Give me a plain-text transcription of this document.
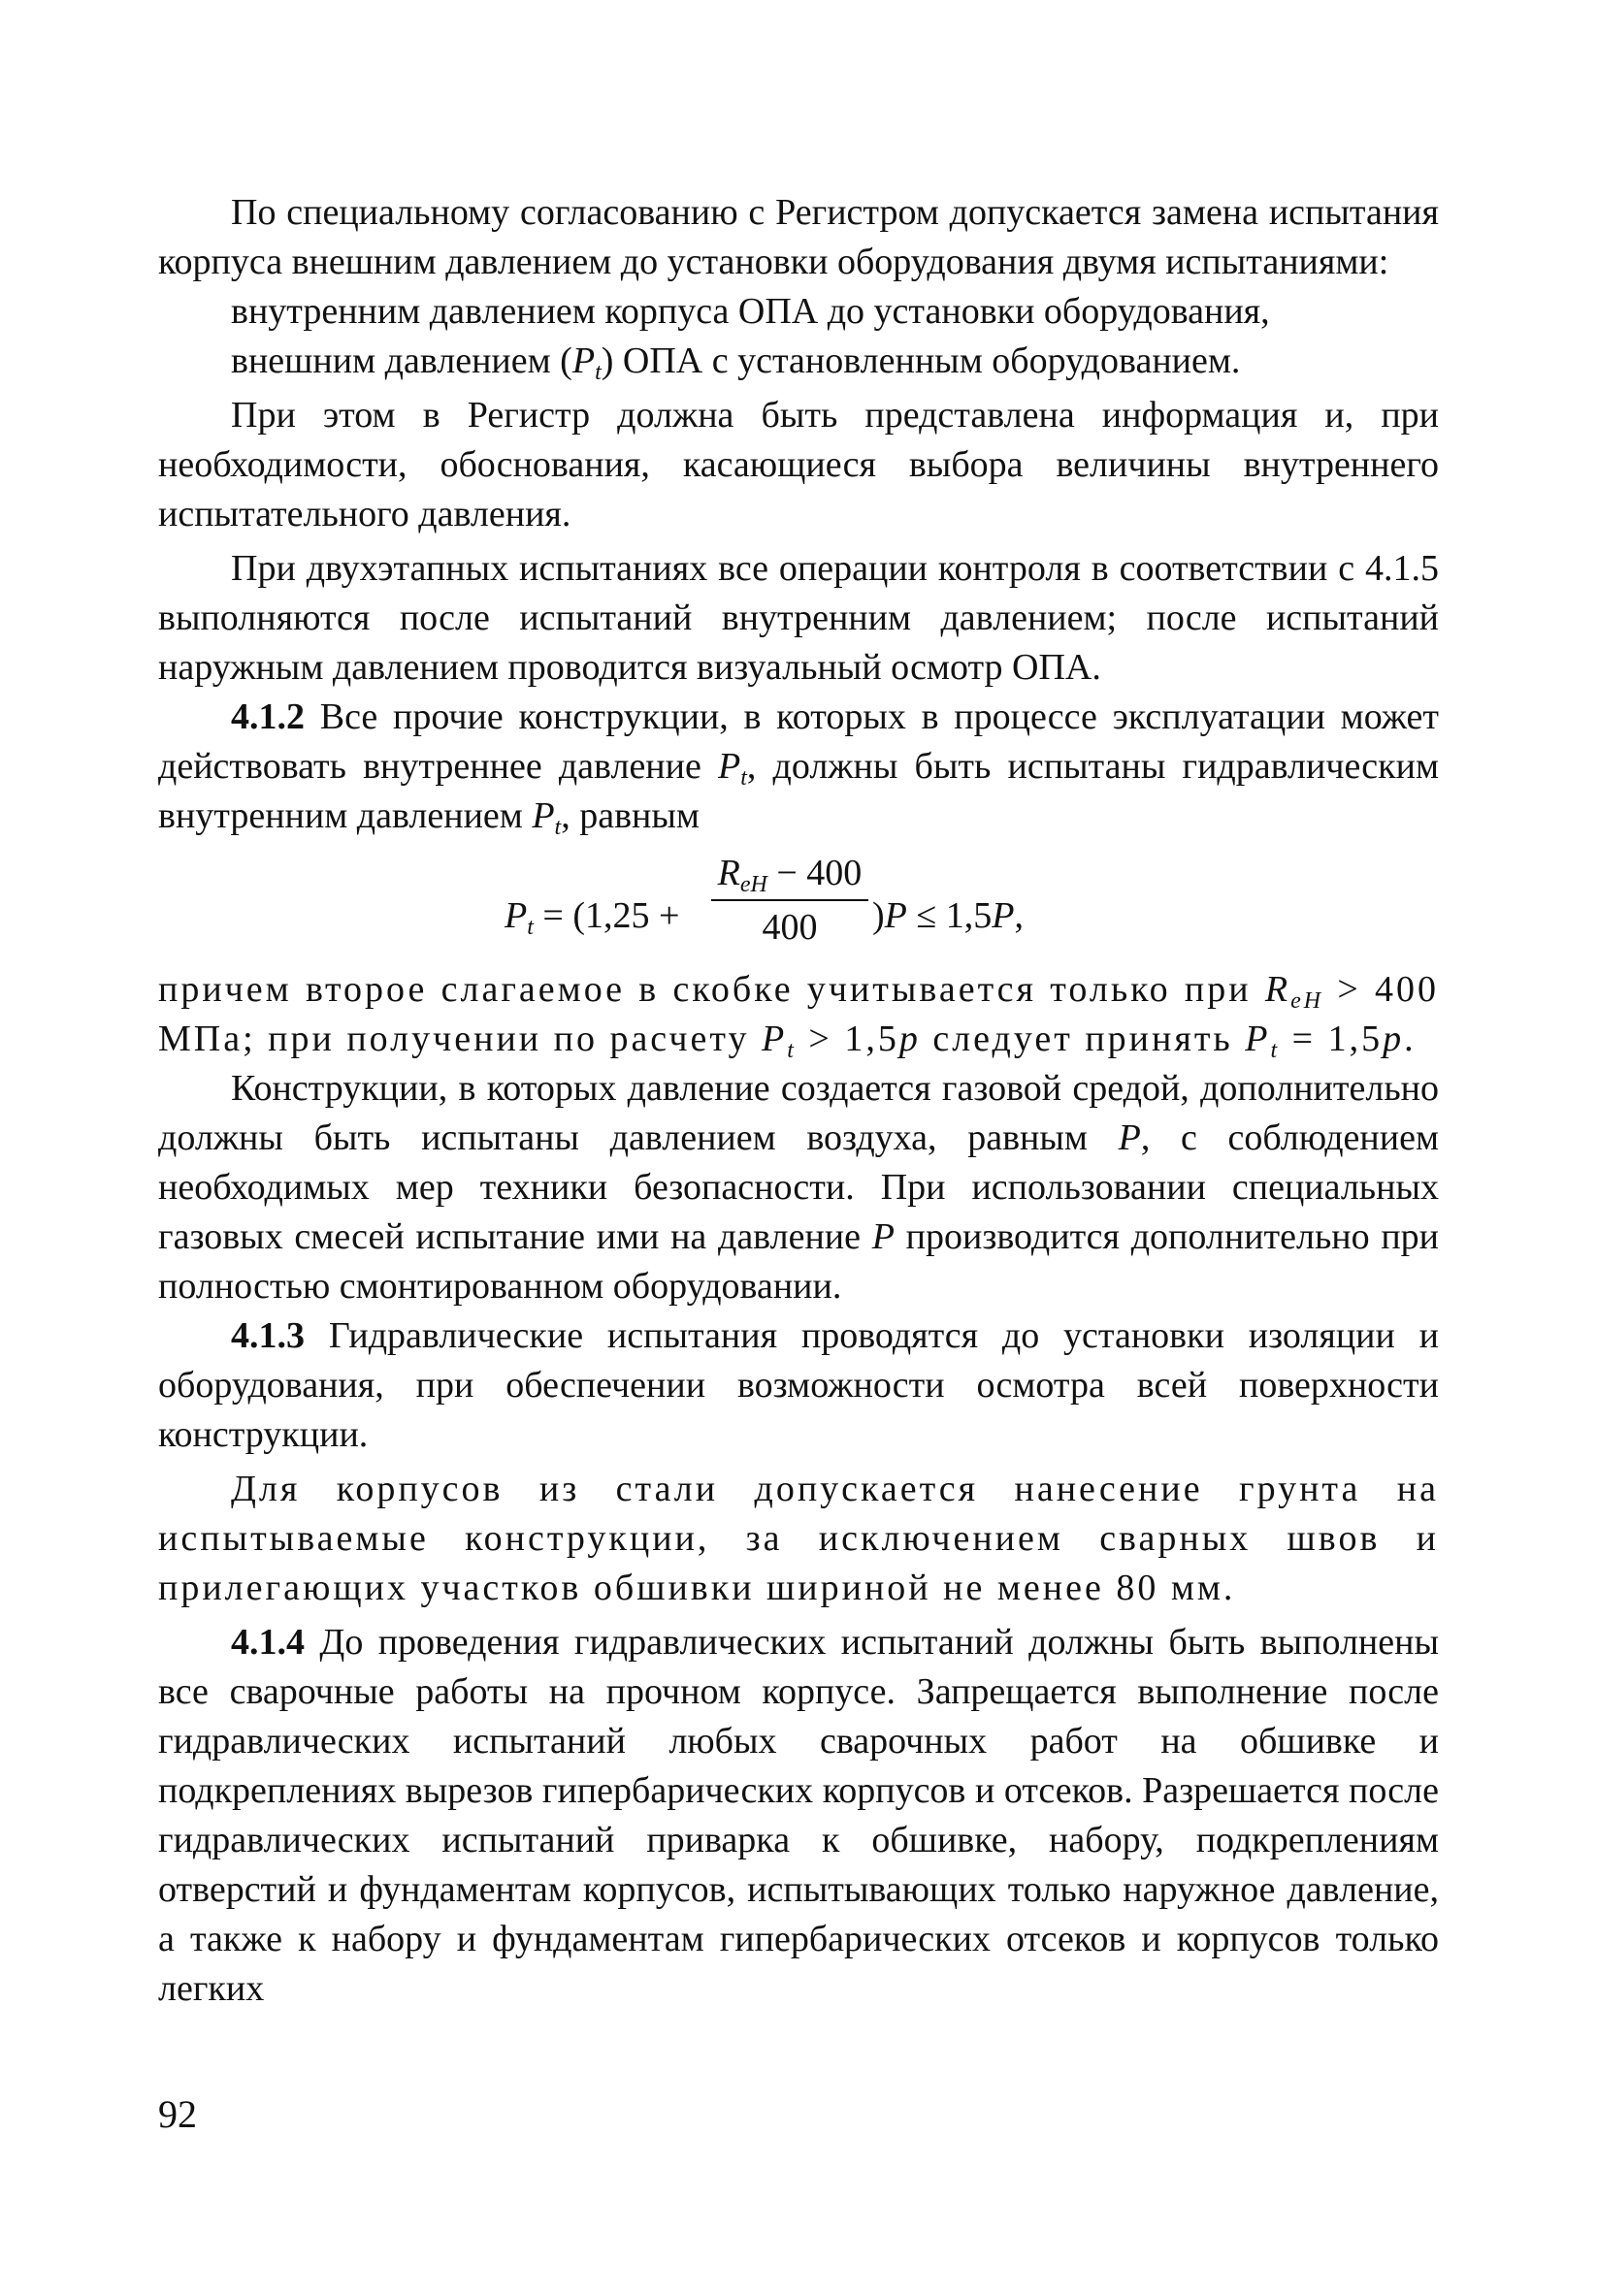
По специальному согласованию с Регистром допускается замена испытания корпуса внешним давлением до установки оборудования двумя испытаниями:

внутренним давлением корпуса ОПА до установки оборудования,

внешним давлением $(P_t)$ ОПА с установленным оборудованием.

При этом в Регистр должна быть представлена информация и, при необходимости, обоснования, касающиеся выбора величины внутреннего испытательного давления.

При двухэтапных испытаниях все операции контроля в соответствии с 4.1.5 выполняются после испытаний внутренним давлением; после испытаний наружным давлением проводится визуальный осмотр ОПА.

4.1.2 Все прочие конструкции, в которых в процессе эксплуатации может действовать внутреннее давление $P_t$, должны быть испытаны гидравлическим внутренним давлением $P_t$, равным

$P_t = (1,25$ +
$R_{eH} - 400$
400	)P ≤ 1,5P,

причем второе слагаемое в скобке учитывается только при $R_{eH} > 400$ МПа; при получении по расчету $P_t > 1,5p$ следует принять $P_t = 1,5p$.

Конструкции, в которых давление создается газовой средой, дополнительно должны быть испытаны давлением воздуха, равным P, с соблюдением необходимых мер техники безопасности. При использовании специальных газовых смесей испытание ими на давление P производится дополнительно при полностью смонтированном оборудовании.

4.1.3 Гидравлические испытания проводятся до установки изоляции и оборудования, при обеспечении возможности осмотра всей поверхности конструкции.

Для корпусов из стали допускается нанесение грунта на испытываемые конструкции, за исключением сварных швов и прилегающих участков обшивки шириной не менее 80 мм.

4.1.4 До проведения гидравлических испытаний должны быть выполнены все сварочные работы на прочном корпусе. Запрещается выполнение после гидравлических испытаний любых сварочных работ на обшивке и подкреплениях вырезов гипербарических корпусов и отсеков. Разрешается после гидравлических испытаний приварка к обшивке, набору, подкреплениям отверстий и фундаментам корпусов, испытывающих только наружное давление, а также к набору и фундаментам гипербарических отсеков и корпусов только легких

92
